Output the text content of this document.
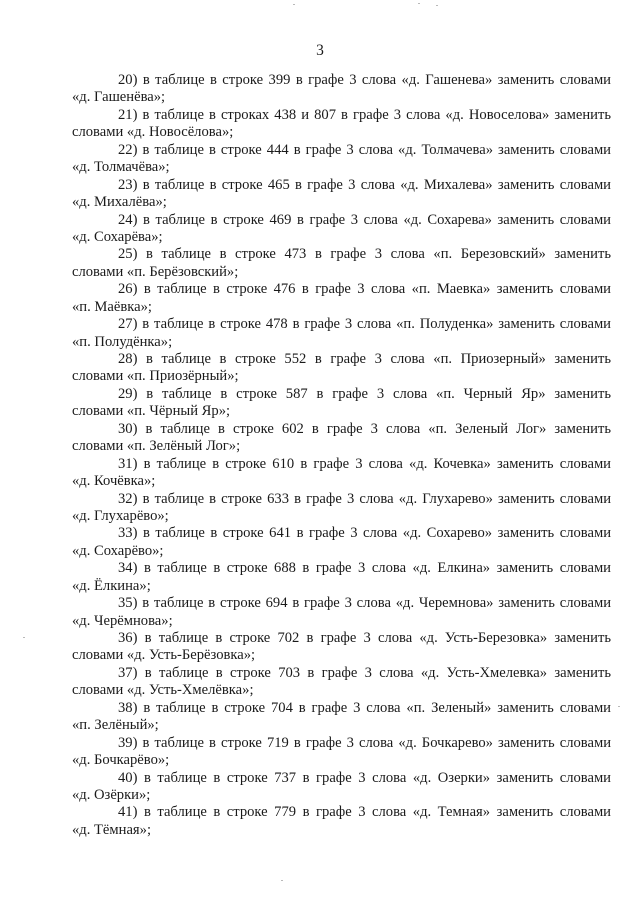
3
20) в таблице в строке 399 в графе 3 слова «д. Гашенева» заменить словами
«д. Гашенёва»;
21) в таблице в строках 438 и 807 в графе 3 слова «д. Новоселова» заменить
словами «д. Новосёлова»;
22) в таблице в строке 444 в графе 3 слова «д. Толмачева» заменить словами
«д. Толмачёва»;
23) в таблице в строке 465 в графе 3 слова «д. Михалева» заменить словами
«д. Михалёва»;
24) в таблице в строке 469 в графе 3 слова «д. Сохарева» заменить словами
«д. Сохарёва»;
25) в таблице в строке 473 в графе 3 слова «п. Березовский» заменить
словами «п. Берёзовский»;
26) в таблице в строке 476 в графе 3 слова «п. Маевка» заменить словами
«п. Маёвка»;
27) в таблице в строке 478 в графе 3 слова «п. Полуденка» заменить словами
«п. Полудёнка»;
28) в таблице в строке 552 в графе 3 слова «п. Приозерный» заменить
словами «п. Приозёрный»;
29) в таблице в строке 587 в графе 3 слова «п. Черный Яр» заменить
словами «п. Чёрный Яр»;
30) в таблице в строке 602 в графе 3 слова «п. Зеленый Лог» заменить
словами «п. Зелёный Лог»;
31) в таблице в строке 610 в графе 3 слова «д. Кочевка» заменить словами
«д. Кочёвка»;
32) в таблице в строке 633 в графе 3 слова «д. Глухарево» заменить словами
«д. Глухарёво»;
33) в таблице в строке 641 в графе 3 слова «д. Сохарево» заменить словами
«д. Сохарёво»;
34) в таблице в строке 688 в графе 3 слова «д. Елкина» заменить словами
«д. Ёлкина»;
35) в таблице в строке 694 в графе 3 слова «д. Черемнова» заменить словами
«д. Черёмнова»;
36) в таблице в строке 702 в графе 3 слова «д. Усть-Березовка» заменить
словами «д. Усть-Берёзовка»;
37) в таблице в строке 703 в графе 3 слова «д. Усть-Хмелевка» заменить
словами «д. Усть-Хмелёвка»;
38) в таблице в строке 704 в графе 3 слова «п. Зеленый» заменить словами
«п. Зелёный»;
39) в таблице в строке 719 в графе 3 слова «д. Бочкарево» заменить словами
«д. Бочкарёво»;
40) в таблице в строке 737 в графе 3 слова «д. Озерки» заменить словами
«д. Озёрки»;
41) в таблице в строке 779 в графе 3 слова «д. Темная» заменить словами
«д. Тёмная»;
